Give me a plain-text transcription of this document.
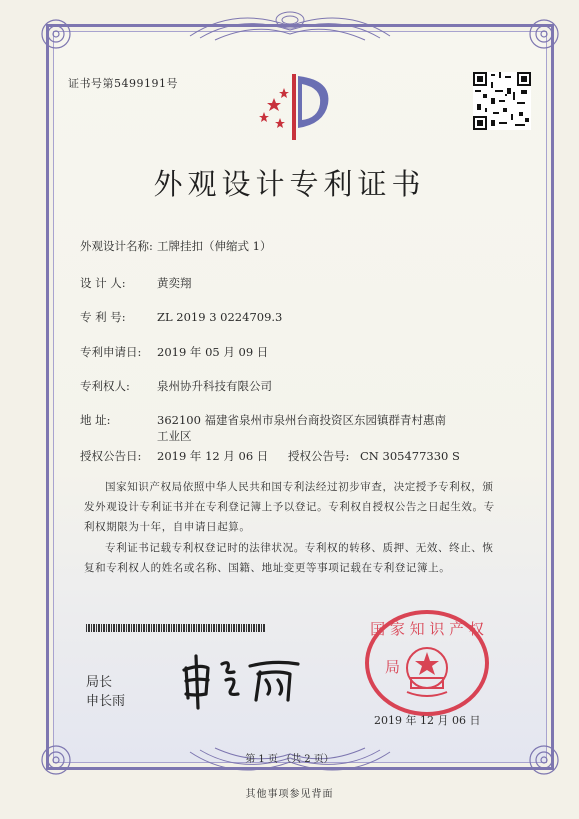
证书号第5499191号
外观设计专利证书
外观设计名称: 工牌挂扣（伸缩式 1）
设 计 人:	黄奕翔
专 利 号:	ZL 2019 3 0224709.3
专利申请日: 2019 年 05 月 09 日
专利权人: 泉州协升科技有限公司
地 址:	362100 福建省泉州市泉州台商投资区东园镇群青村惠南
工业区
授权公告日: 2019 年 12 月 06 日 授权公告号: CN 305477330 S
国家知识产权局依照中华人民共和国专利法经过初步审查，决定授予专利权，颁发外观设计专利证书并在专利登记簿上予以登记。专利权自授权公告之日起生效。专利权期限为十年，自申请日起算。
专利证书记载专利权登记时的法律状况。专利权的转移、质押、无效、终止、恢复和专利权人的姓名或名称、国籍、地址变更等事项记载在专利登记簿上。
局长
申长雨
国 家 知 识 产 权
局
2019 年 12 月 06 日
第 1 页 （共 2 页）
其他事项参见背面
